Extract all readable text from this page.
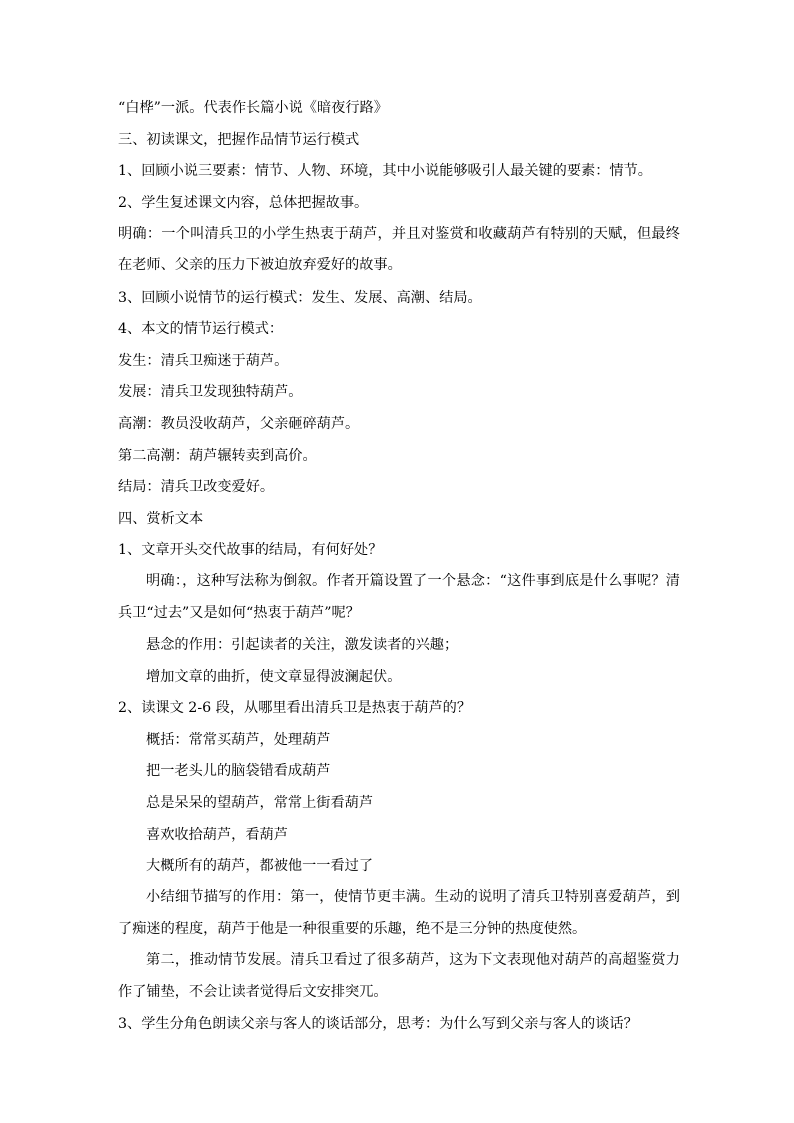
“白桦”一派。代表作长篇小说《暗夜行路》

三、初读课文，把握作品情节运行模式

1、回顾小说三要素：情节、人物、环境，其中小说能够吸引人最关键的要素：情节。

2、学生复述课文内容，总体把握故事。

明确：一个叫清兵卫的小学生热衷于葫芦，并且对鉴赏和收藏葫芦有特别的天赋，但最终在老师、父亲的压力下被迫放弃爱好的故事。

3、回顾小说情节的运行模式：发生、发展、高潮、结局。

4、本文的情节运行模式：

发生：清兵卫痴迷于葫芦。

发展：清兵卫发现独特葫芦。

高潮：教员没收葫芦，父亲砸碎葫芦。

第二高潮：葫芦辗转卖到高价。

结局：清兵卫改变爱好。

四、赏析文本

1、文章开头交代故事的结局，有何好处？

明确：，这种写法称为倒叙。作者开篇设置了一个悬念：“这件事到底是什么事呢？清兵卫“过去”又是如何“热衷于葫芦”呢？

悬念的作用：引起读者的关注，激发读者的兴趣；

增加文章的曲折，使文章显得波澜起伏。

2、读课文 2-6 段，从哪里看出清兵卫是热衷于葫芦的？

概括：常常买葫芦，处理葫芦

把一老头儿的脑袋错看成葫芦

总是呆呆的望葫芦，常常上街看葫芦

喜欢收拾葫芦，看葫芦

大概所有的葫芦，都被他一一看过了

小结细节描写的作用：第一，使情节更丰满。生动的说明了清兵卫特别喜爱葫芦，到了痴迷的程度，葫芦于他是一种很重要的乐趣，绝不是三分钟的热度使然。

第二，推动情节发展。清兵卫看过了很多葫芦，这为下文表现他对葫芦的高超鉴赏力作了铺垫，不会让读者觉得后文安排突兀。

3、学生分角色朗读父亲与客人的谈话部分，思考：为什么写到父亲与客人的谈话？
